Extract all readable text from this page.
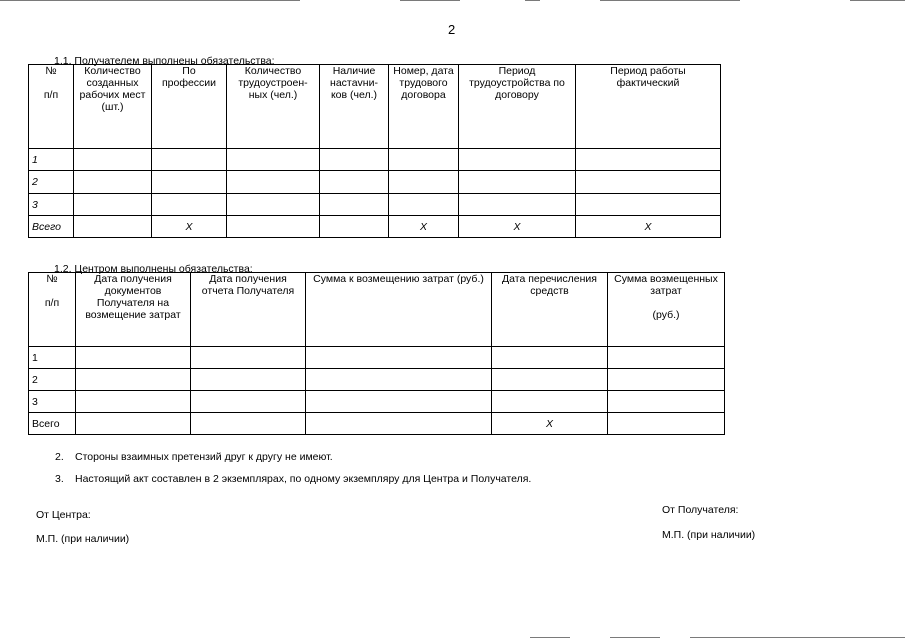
2
1.1. Получателем выполнены обязательства:
№

п/п	Количество созданных рабочих мест (шт.)	По профессии	Количество трудоустроен-ных (чел.)	Наличие настavни-ков (чел.)	Номер, дата трудового договора	Период трудоустройства по договору	Период работы фактический
1							
2							
3							
Всего		X			X	X	X
1.2. Центром выполнены обязательства:
№

п/п	Дата получения документов Получателя на возмещение затрат	Дата получения отчета Получателя	Сумма к возмещению затрат (руб.)	Дата перечисления средств	Сумма возмещенных затрат

(руб.)
1					
2					
3					
Всего				X	
2. Стороны взаимных претензий друг к другу не имеют.
3. Настоящий акт составлен в 2 экземплярах, по одному экземпляру для Центра и Получателя.
От Центра:
М.П. (при наличии)
От Получателя:
М.П. (при наличии)
